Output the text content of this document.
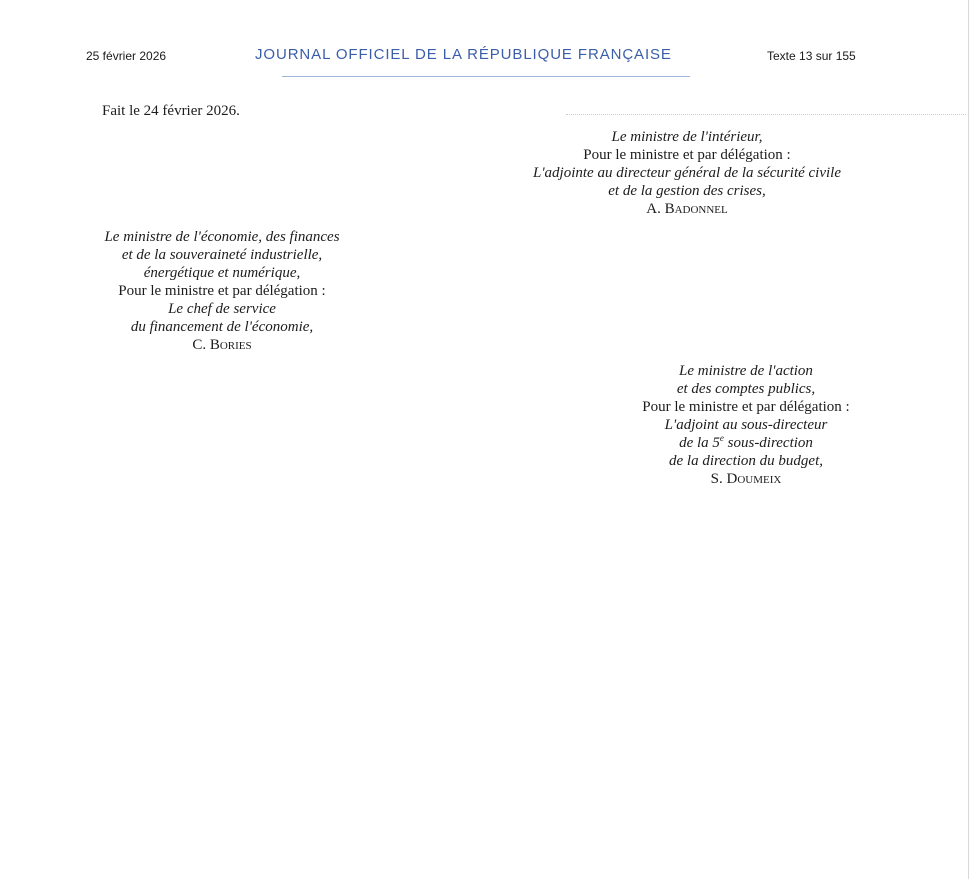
25 février 2026	JOURNAL OFFICIEL DE LA RÉPUBLIQUE FRANÇAISE	Texte 13 sur 155
Fait le 24 février 2026.
Le ministre de l'intérieur,
Pour le ministre et par délégation :
L'adjointe au directeur général de la sécurité civile
et de la gestion des crises,
A. Badonnel
Le ministre de l'économie, des finances
et de la souveraineté industrielle,
énergétique et numérique,
Pour le ministre et par délégation :
Le chef de service
du financement de l'économie,
C. Bories
Le ministre de l'action
et des comptes publics,
Pour le ministre et par délégation :
L'adjoint au sous-directeur
de la 5e sous-direction
de la direction du budget,
S. Doumeix
